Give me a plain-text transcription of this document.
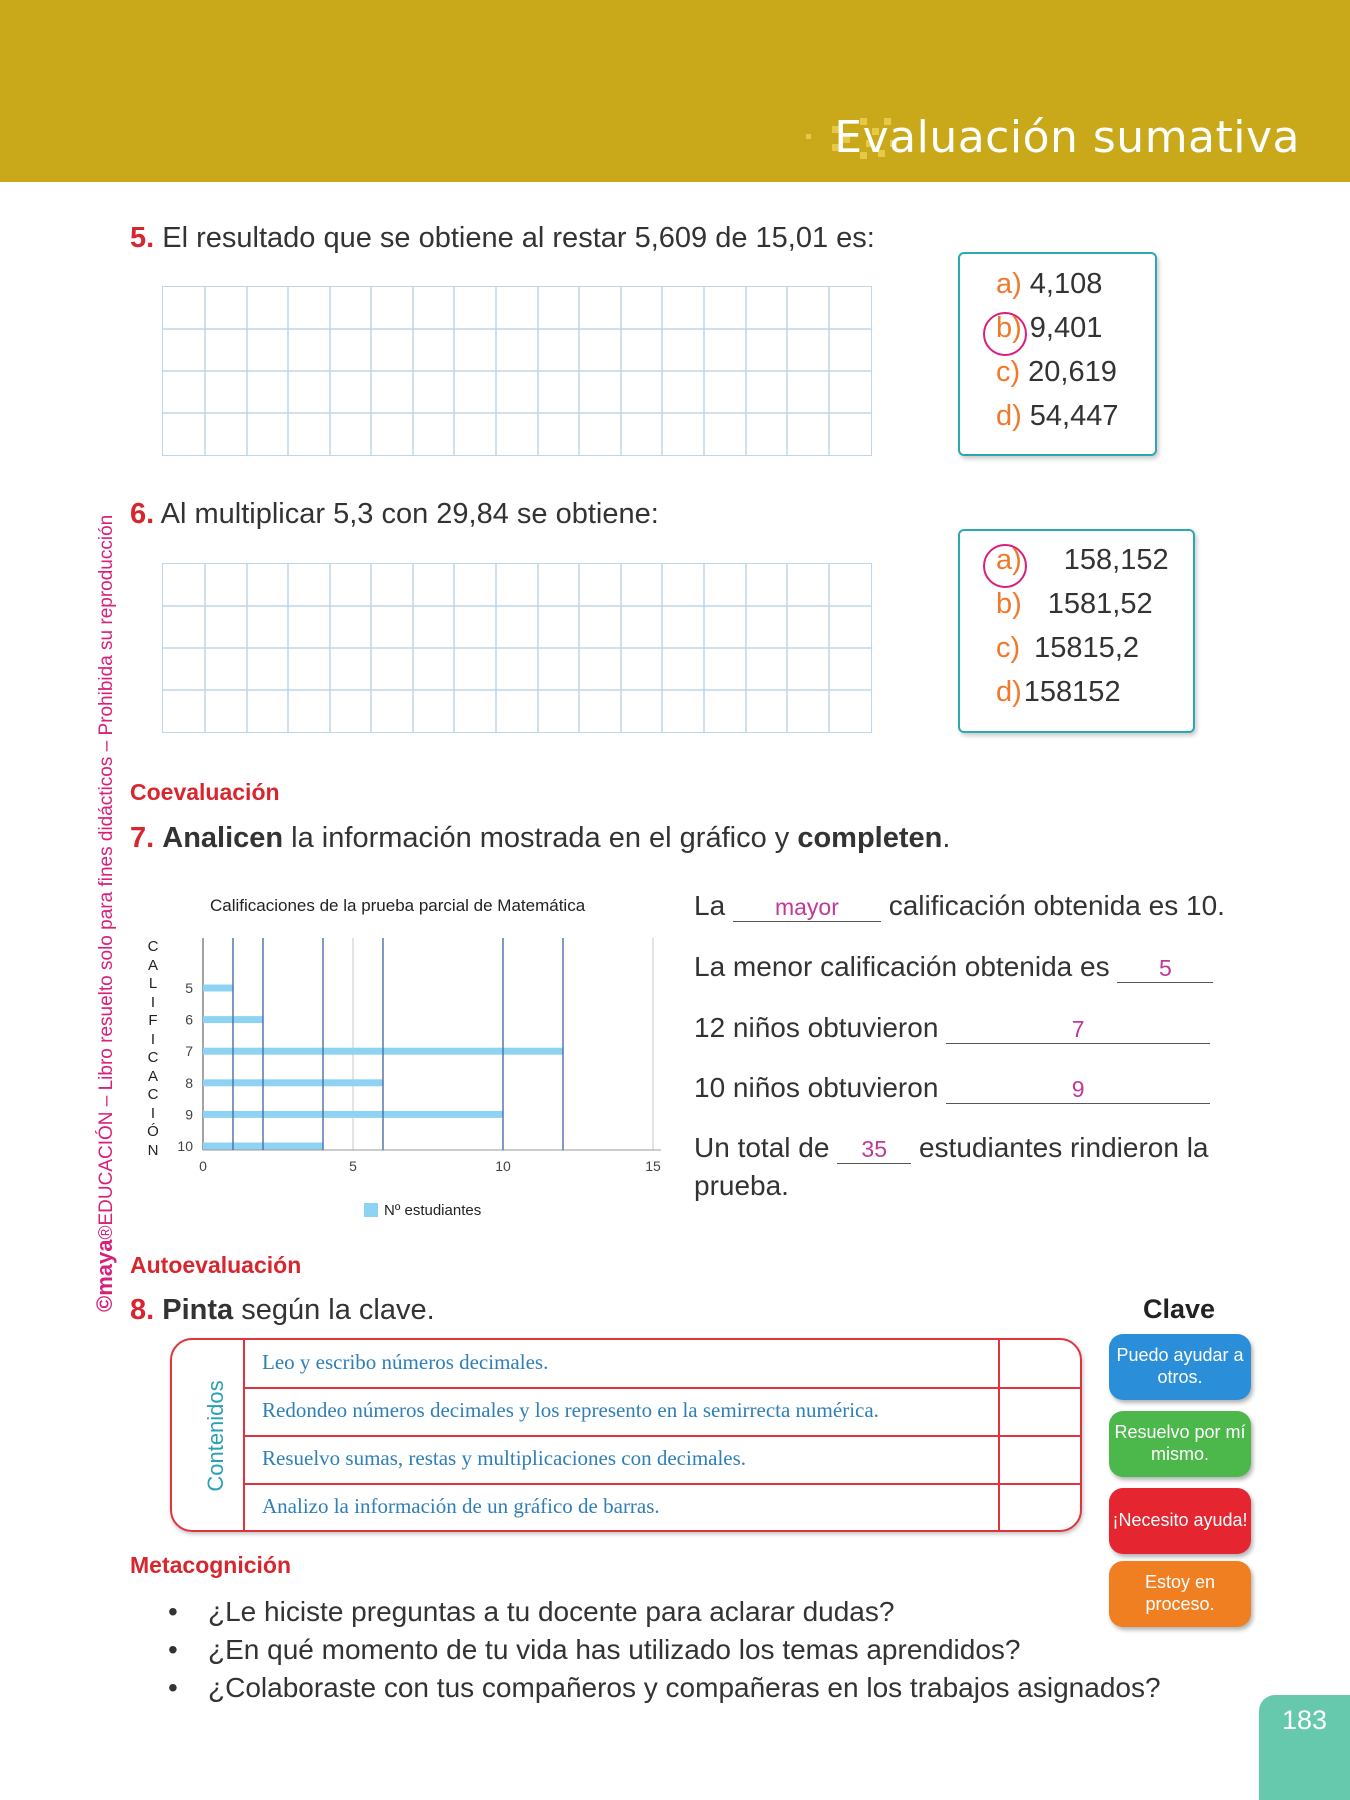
Evaluación sumativa
©maya®EDUCACIÓN – Libro resuelto solo para fines didácticos – Prohibida su reproducción
5. El resultado que se obtiene al restar 5,609 de 15,01 es:
a) 4,108
b) 9,401
c) 20,619
d) 54,447
6. Al multiplicar 5,3 con 29,84 se obtiene:
a) 158,152
b) 1581,52
c) 15815,2
d)158152
Coevaluación
7. Analicen la información mostrada en el gráfico y completen.
Calificaciones de la prueba parcial de Matemática
C
A
L
I
F
I
C
A
C
I
Ó
N
0	5	10	15
5
6
7
8
9
10
Nº estudiantes
La mayor calificación obtenida es 10.
La menor calificación obtenida es 5
12 niños obtuvieron	7
10 niños obtuvieron	9
Un total de 35 estudiantes rindieron la
prueba.
Autoevaluación
8. Pinta según la clave.
Contenidos
Leo y escribo números decimales.
Redondeo números decimales y los represento en la semirrecta numérica.
Resuelvo sumas, restas y multiplicaciones con decimales.
Analizo la información de un gráfico de barras.
Clave
Puedo ayudar a otros.
Resuelvo por mí mismo.
¡Necesito ayuda!
Estoy en proceso.
Metacognición
• ¿Le hiciste preguntas a tu docente para aclarar dudas?
• ¿En qué momento de tu vida has utilizado los temas aprendidos?
• ¿Colaboraste con tus compañeros y compañeras en los trabajos asignados?
183
